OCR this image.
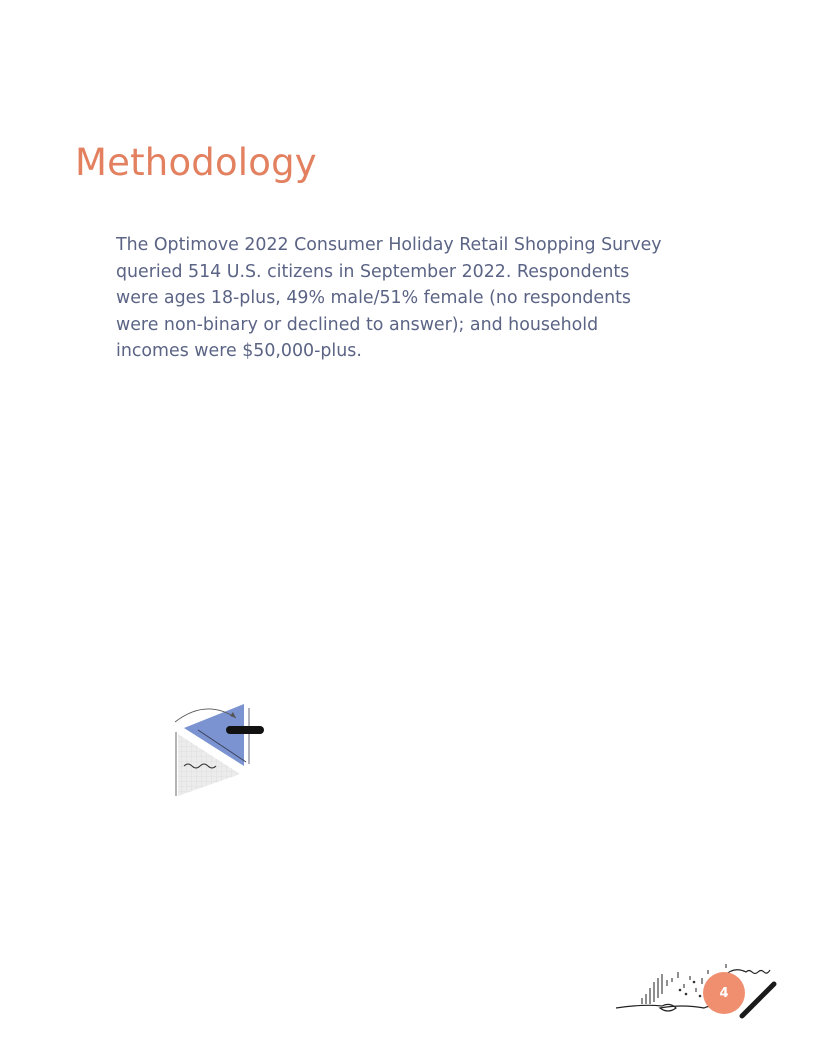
Methodology

The Optimove 2022 Consumer Holiday Retail Shopping Survey queried 514 U.S. citizens in September 2022. Respondents were ages 18-plus, 49% male/51% female (no respondents were non-binary or declined to answer); and household incomes were $50,000-plus.

4
